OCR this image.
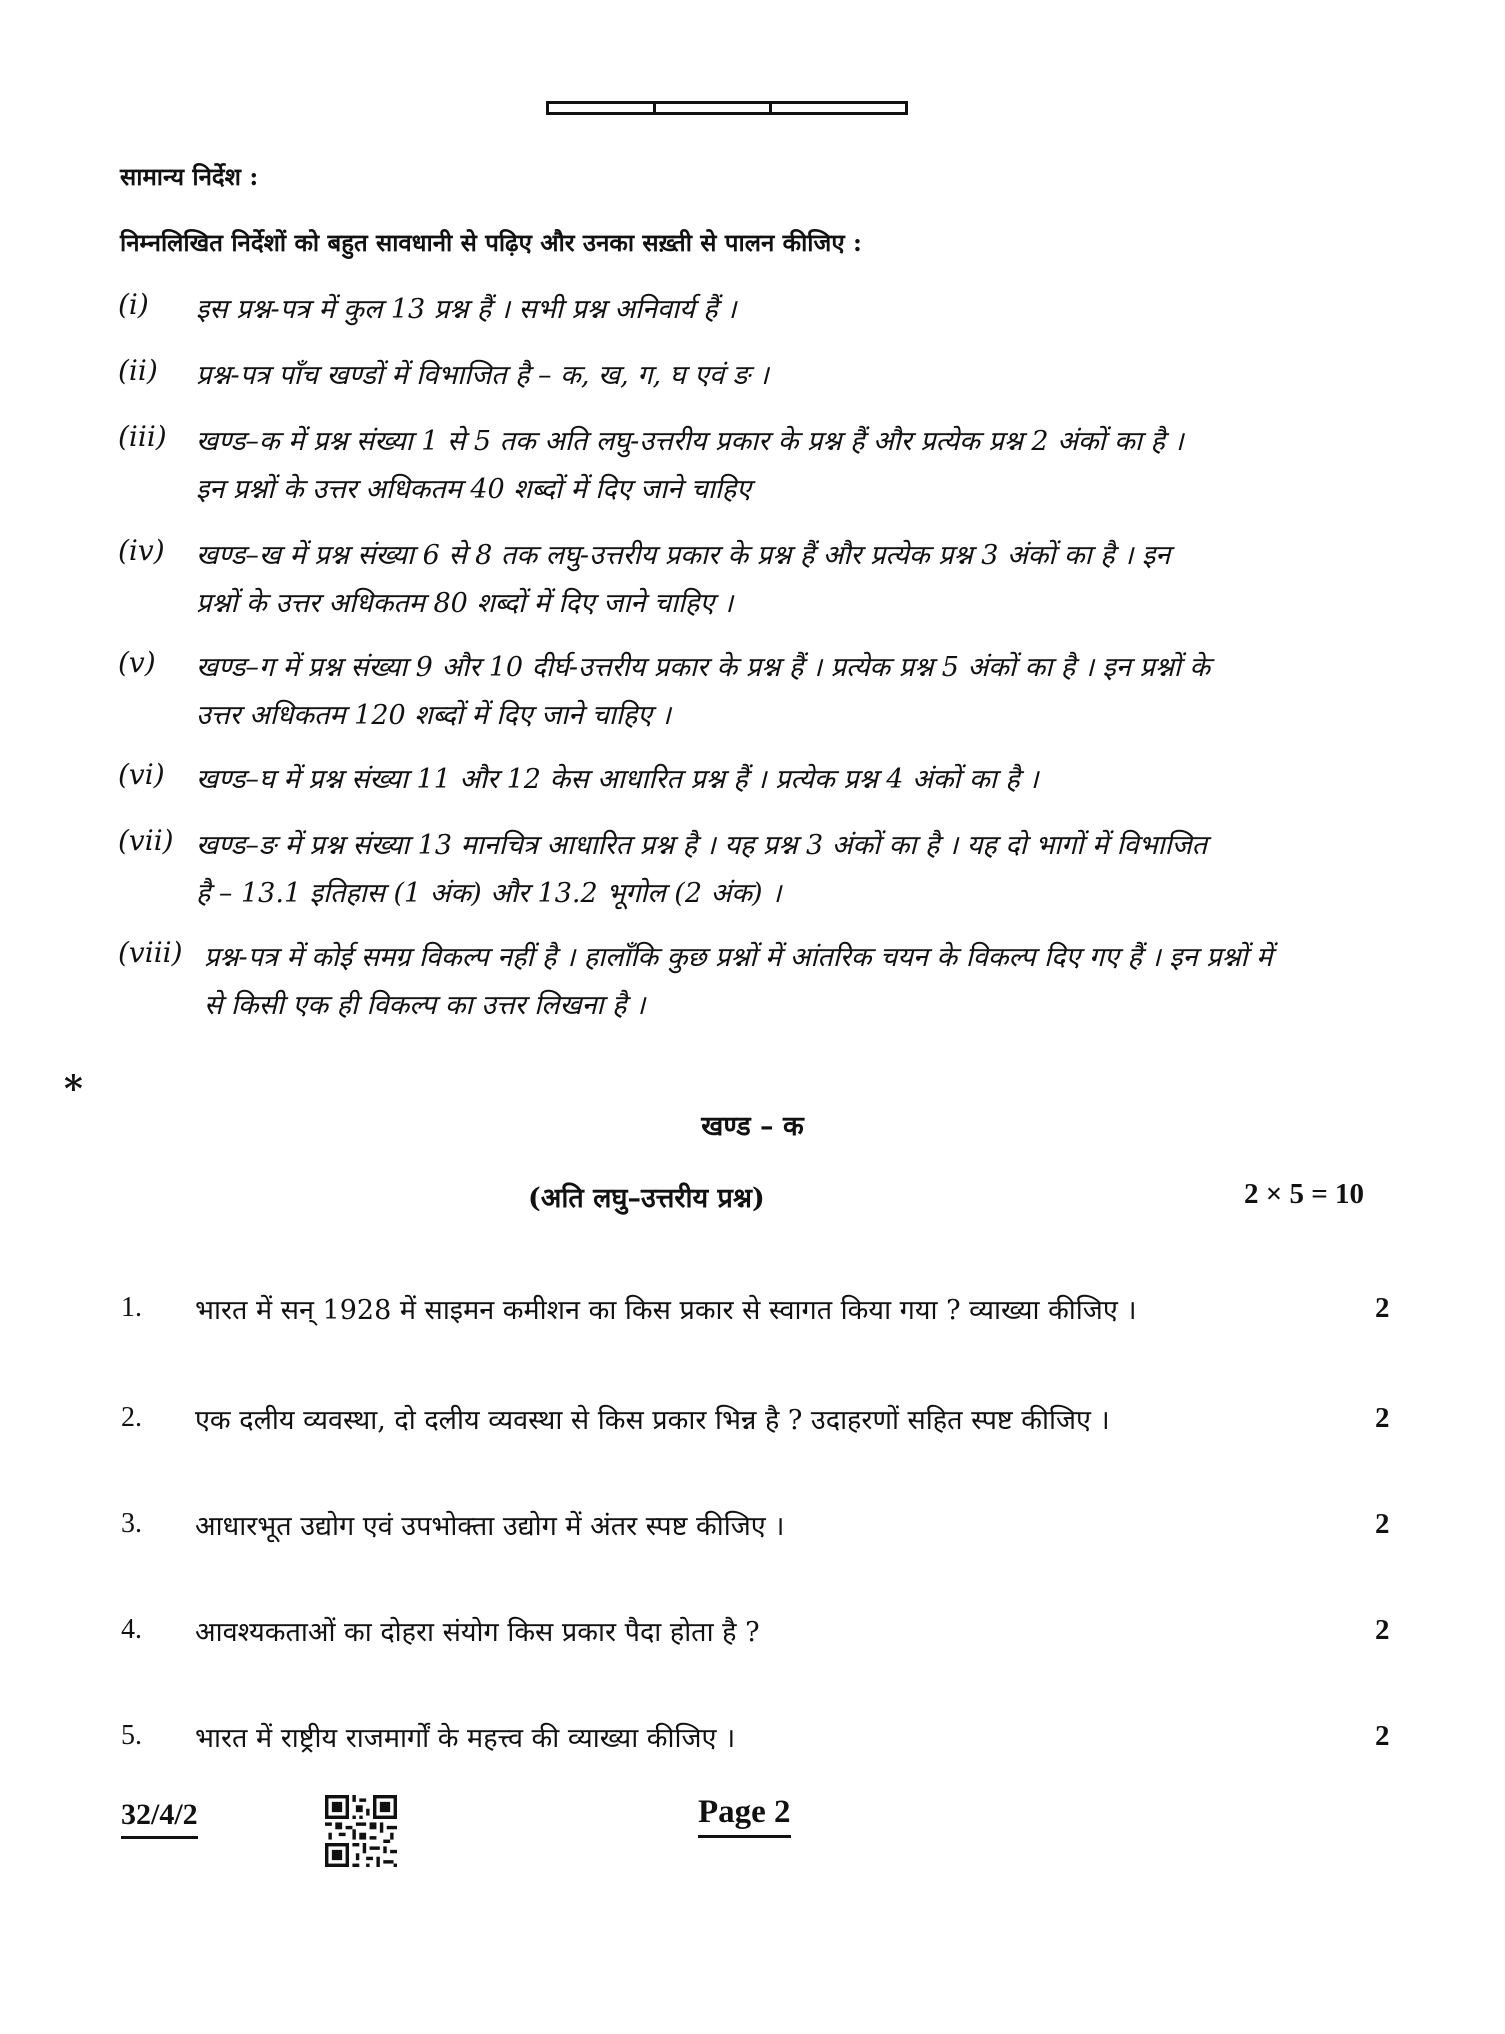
सामान्य निर्देश :
निम्नलिखित निर्देशों को बहुत सावधानी से पढ़िए और उनका सख़्ती से पालन कीजिए :
(i) इस प्रश्न-पत्र में कुल 13 प्रश्न हैं । सभी प्रश्न अनिवार्य हैं ।
(ii) प्रश्न-पत्र पाँच खण्डों में विभाजित है – क, ख, ग, घ एवं ङ ।
(iii) खण्ड–क में प्रश्न संख्या 1 से 5 तक अति लघु-उत्तरीय प्रकार के प्रश्न हैं और प्रत्येक प्रश्न 2 अंकों का है ।
इन प्रश्नों के उत्तर अधिकतम 40 शब्दों में दिए जाने चाहिए
(iv) खण्ड–ख में प्रश्न संख्या 6 से 8 तक लघु-उत्तरीय प्रकार के प्रश्न हैं और प्रत्येक प्रश्न 3 अंकों का है । इन
प्रश्नों के उत्तर अधिकतम 80 शब्दों में दिए जाने चाहिए ।
(v) खण्ड–ग में प्रश्न संख्या 9 और 10 दीर्घ-उत्तरीय प्रकार के प्रश्न हैं । प्रत्येक प्रश्न 5 अंकों का है । इन प्रश्नों के
उत्तर अधिकतम 120 शब्दों में दिए जाने चाहिए ।
(vi) खण्ड–घ में प्रश्न संख्या 11 और 12 केस आधारित प्रश्न हैं । प्रत्येक प्रश्न 4 अंकों का है ।
(vii) खण्ड–ङ में प्रश्न संख्या 13 मानचित्र आधारित प्रश्न है । यह प्रश्न 3 अंकों का है । यह दो भागों में विभाजित
है – 13.1 इतिहास (1 अंक) और 13.2 भूगोल (2 अंक) ।
(viii) प्रश्न-पत्र में कोई समग्र विकल्प नहीं है । हालाँकि कुछ प्रश्नों में आंतरिक चयन के विकल्प दिए गए हैं । इन प्रश्नों में
से किसी एक ही विकल्प का उत्तर लिखना है ।
*
खण्ड – क
(अति लघु–उत्तरीय प्रश्न)	2 × 5 = 10
1. भारत में सन् 1928 में साइमन कमीशन का किस प्रकार से स्वागत किया गया ? व्याख्या कीजिए ।	2
2. एक दलीय व्यवस्था, दो दलीय व्यवस्था से किस प्रकार भिन्न है ? उदाहरणों सहित स्पष्ट कीजिए ।	2
3. आधारभूत उद्योग एवं उपभोक्ता उद्योग में अंतर स्पष्ट कीजिए ।	2
4. आवश्यकताओं का दोहरा संयोग किस प्रकार पैदा होता है ?	2
5. भारत में राष्ट्रीय राजमार्गों के महत्त्व की व्याख्या कीजिए ।	2
32/4/2	Page 2
